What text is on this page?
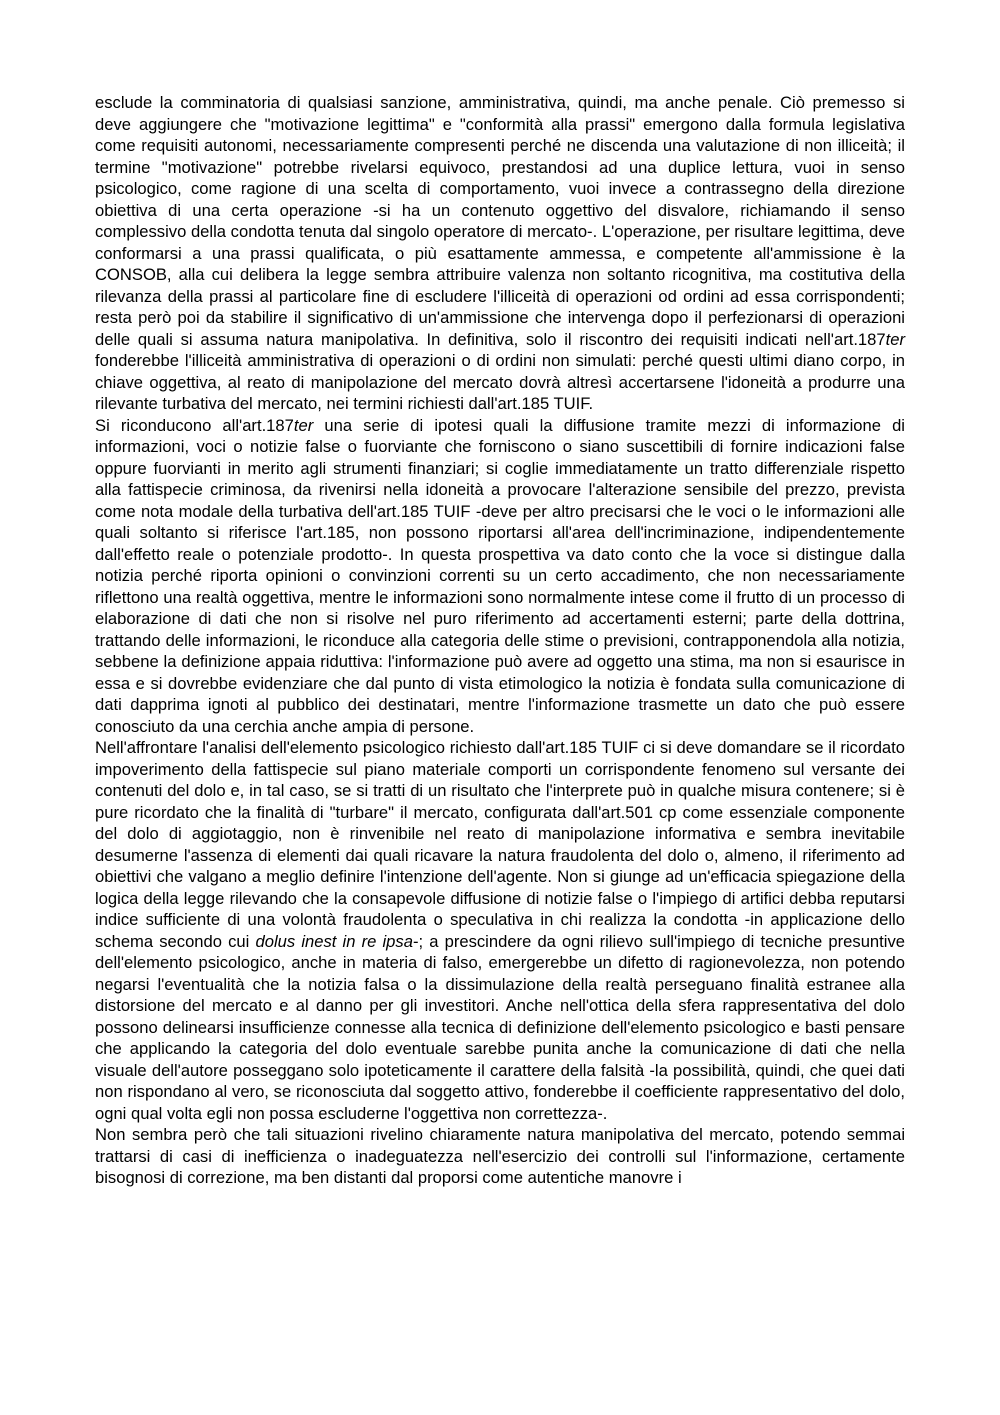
esclude la comminatoria di qualsiasi sanzione, amministrativa, quindi, ma anche penale. Ciò premesso si deve aggiungere che "motivazione legittima" e "conformità alla prassi" emergono dalla formula legislativa come requisiti autonomi, necessariamente compresenti perché ne discenda una valutazione di non illiceità; il termine "motivazione" potrebbe rivelarsi equivoco, prestandosi ad una duplice lettura, vuoi in senso psicologico, come ragione di una scelta di comportamento, vuoi invece a contrassegno della direzione obiettiva di una certa operazione -si ha un contenuto oggettivo del disvalore, richiamando il senso complessivo della condotta tenuta dal singolo operatore di mercato-. L'operazione, per risultare legittima, deve conformarsi a una prassi qualificata, o più esattamente ammessa, e competente all'ammissione è la CONSOB, alla cui delibera la legge sembra attribuire valenza non soltanto ricognitiva, ma costitutiva della rilevanza della prassi al particolare fine di escludere l'illiceità di operazioni od ordini ad essa corrispondenti; resta però poi da stabilire il significativo di un'ammissione che intervenga dopo il perfezionarsi di operazioni delle quali si assuma natura manipolativa. In definitiva, solo il riscontro dei requisiti indicati nell'art.187ter fonderebbe l'illiceità amministrativa di operazioni o di ordini non simulati: perché questi ultimi diano corpo, in chiave oggettiva, al reato di manipolazione del mercato dovrà altresì accertarsene l'idoneità a produrre una rilevante turbativa del mercato, nei termini richiesti dall'art.185 TUIF.

Si riconducono all'art.187ter una serie di ipotesi quali la diffusione tramite mezzi di informazione di informazioni, voci o notizie false o fuorviante che forniscono o siano suscettibili di fornire indicazioni false oppure fuorvianti in merito agli strumenti finanziari; si coglie immediatamente un tratto differenziale rispetto alla fattispecie criminosa, da rivenirsi nella idoneità a provocare l'alterazione sensibile del prezzo, prevista come nota modale della turbativa dell'art.185 TUIF -deve per altro precisarsi che le voci o le informazioni alle quali soltanto si riferisce l'art.185, non possono riportarsi all'area dell'incriminazione, indipendentemente dall'effetto reale o potenziale prodotto-. In questa prospettiva va dato conto che la voce si distingue dalla notizia perché riporta opinioni o convinzioni correnti su un certo accadimento, che non necessariamente riflettono una realtà oggettiva, mentre le informazioni sono normalmente intese come il frutto di un processo di elaborazione di dati che non si risolve nel puro riferimento ad accertamenti esterni; parte della dottrina, trattando delle informazioni, le riconduce alla categoria delle stime o previsioni, contrapponendola alla notizia, sebbene la definizione appaia riduttiva: l'informazione può avere ad oggetto una stima, ma non si esaurisce in essa e si dovrebbe evidenziare che dal punto di vista etimologico la notizia è fondata sulla comunicazione di dati dapprima ignoti al pubblico dei destinatari, mentre l'informazione trasmette un dato che può essere conosciuto da una cerchia anche ampia di persone.

Nell'affrontare l'analisi dell'elemento psicologico richiesto dall'art.185 TUIF ci si deve domandare se il ricordato impoverimento della fattispecie sul piano materiale comporti un corrispondente fenomeno sul versante dei contenuti del dolo e, in tal caso, se si tratti di un risultato che l'interprete può in qualche misura contenere; si è pure ricordato che la finalità di "turbare" il mercato, configurata dall'art.501 cp come essenziale componente del dolo di aggiotaggio, non è rinvenibile nel reato di manipolazione informativa e sembra inevitabile desumerne l'assenza di elementi dai quali ricavare la natura fraudolenta del dolo o, almeno, il riferimento ad obiettivi che valgano a meglio definire l'intenzione dell'agente. Non si giunge ad un'efficacia spiegazione della logica della legge rilevando che la consapevole diffusione di notizie false o l'impiego di artifici debba reputarsi indice sufficiente di una volontà fraudolenta o speculativa in chi realizza la condotta -in applicazione dello schema secondo cui dolus inest in re ipsa-; a prescindere da ogni rilievo sull'impiego di tecniche presuntive dell'elemento psicologico, anche in materia di falso, emergerebbe un difetto di ragionevolezza, non potendo negarsi l'eventualità che la notizia falsa o la dissimulazione della realtà perseguano finalità estranee alla distorsione del mercato e al danno per gli investitori. Anche nell'ottica della sfera rappresentativa del dolo possono delinearsi insufficienze connesse alla tecnica di definizione dell'elemento psicologico e basti pensare che applicando la categoria del dolo eventuale sarebbe punita anche la comunicazione di dati che nella visuale dell'autore posseggano solo ipoteticamente il carattere della falsità -la possibilità, quindi, che quei dati non rispondano al vero, se riconosciuta dal soggetto attivo, fonderebbe il coefficiente rappresentativo del dolo, ogni qual volta egli non possa escluderne l'oggettiva non correttezza-.

Non sembra però che tali situazioni rivelino chiaramente natura manipolativa del mercato, potendo semmai trattarsi di casi di inefficienza o inadeguatezza nell'esercizio dei controlli sul l'informazione, certamente bisognosi di correzione, ma ben distanti dal proporsi come autentiche manovre i
